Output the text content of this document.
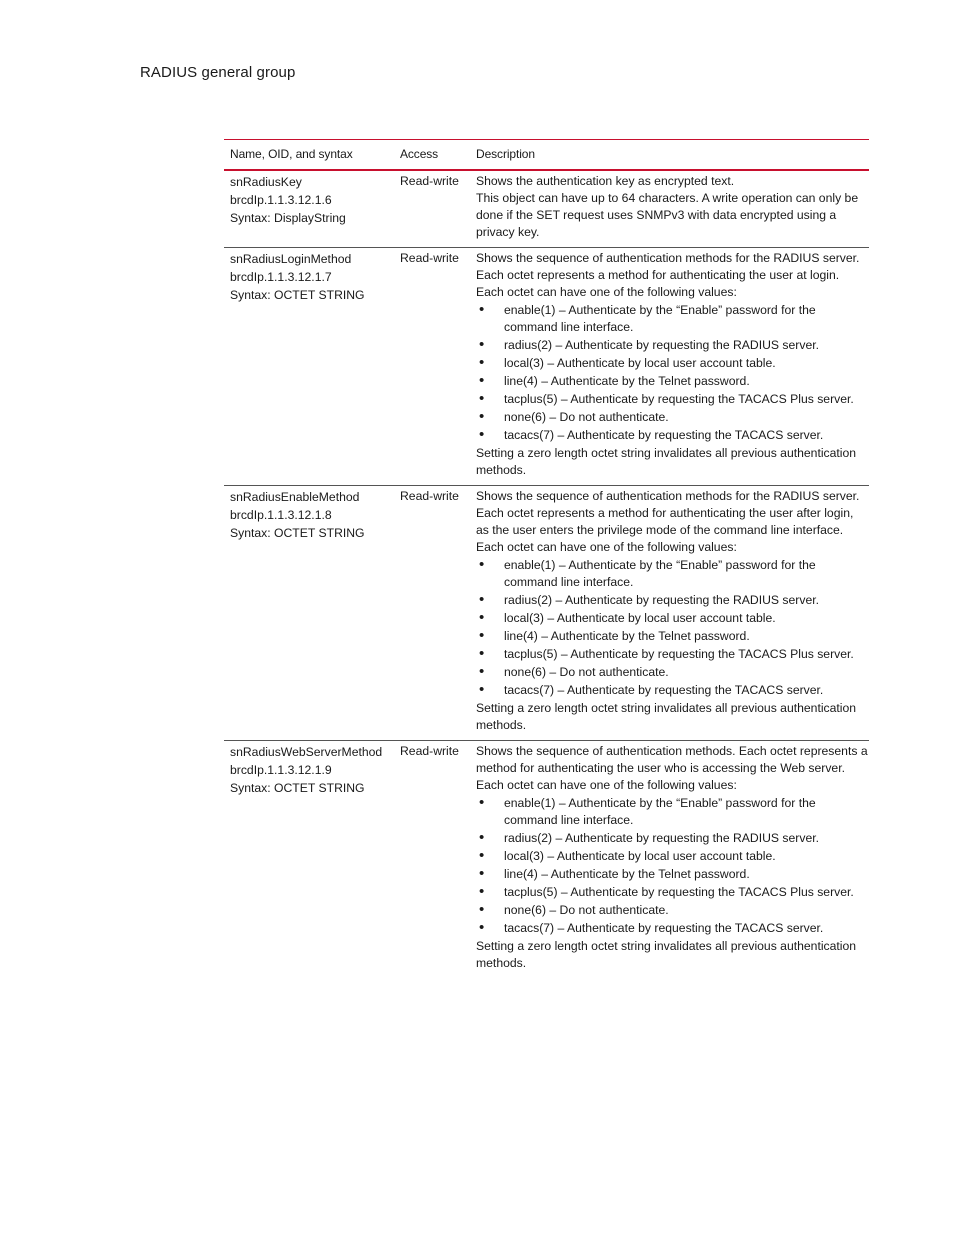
RADIUS general group
Name, OID, and syntax	Access	Description
snRadiusKey
brcdIp.1.1.3.12.1.6
Syntax: DisplayString
Read-write	Shows the authentication key as encrypted text.

This object can have up to 64 characters. A write operation can only be done if the SET request uses SNMPv3 with data encrypted using a privacy key.

snRadiusLoginMethod
brcdIp.1.1.3.12.1.7
Syntax: OCTET STRING
Read-write	Shows the sequence of authentication methods for the RADIUS server. Each octet represents a method for authenticating the user at login. Each octet can have one of the following values:

• enable(1) – Authenticate by the “Enable” password for the command line interface.
• radius(2) – Authenticate by requesting the RADIUS server.
• local(3) – Authenticate by local user account table.
• line(4) – Authenticate by the Telnet password.
• tacplus(5) – Authenticate by requesting the TACACS Plus server.
• none(6) – Do not authenticate.
• tacacs(7) – Authenticate by requesting the TACACS server.

Setting a zero length octet string invalidates all previous authentication methods.

snRadiusEnableMethod
brcdIp.1.1.3.12.1.8
Syntax: OCTET STRING
Read-write	Shows the sequence of authentication methods for the RADIUS server. Each octet represents a method for authenticating the user after login, as the user enters the privilege mode of the command line interface. Each octet can have one of the following values:

• enable(1) – Authenticate by the “Enable” password for the command line interface.
• radius(2) – Authenticate by requesting the RADIUS server.
• local(3) – Authenticate by local user account table.
• line(4) – Authenticate by the Telnet password.
• tacplus(5) – Authenticate by requesting the TACACS Plus server.
• none(6) – Do not authenticate.
• tacacs(7) – Authenticate by requesting the TACACS server.

Setting a zero length octet string invalidates all previous authentication methods.

snRadiusWebServerMethod
brcdIp.1.1.3.12.1.9
Syntax: OCTET STRING
Read-write	Shows the sequence of authentication methods. Each octet represents a method for authenticating the user who is accessing the Web server. Each octet can have one of the following values:

• enable(1) – Authenticate by the “Enable” password for the command line interface.
• radius(2) – Authenticate by requesting the RADIUS server.
• local(3) – Authenticate by local user account table.
• line(4) – Authenticate by the Telnet password.
• tacplus(5) – Authenticate by requesting the TACACS Plus server.
• none(6) – Do not authenticate.
• tacacs(7) – Authenticate by requesting the TACACS server.

Setting a zero length octet string invalidates all previous authentication methods.
